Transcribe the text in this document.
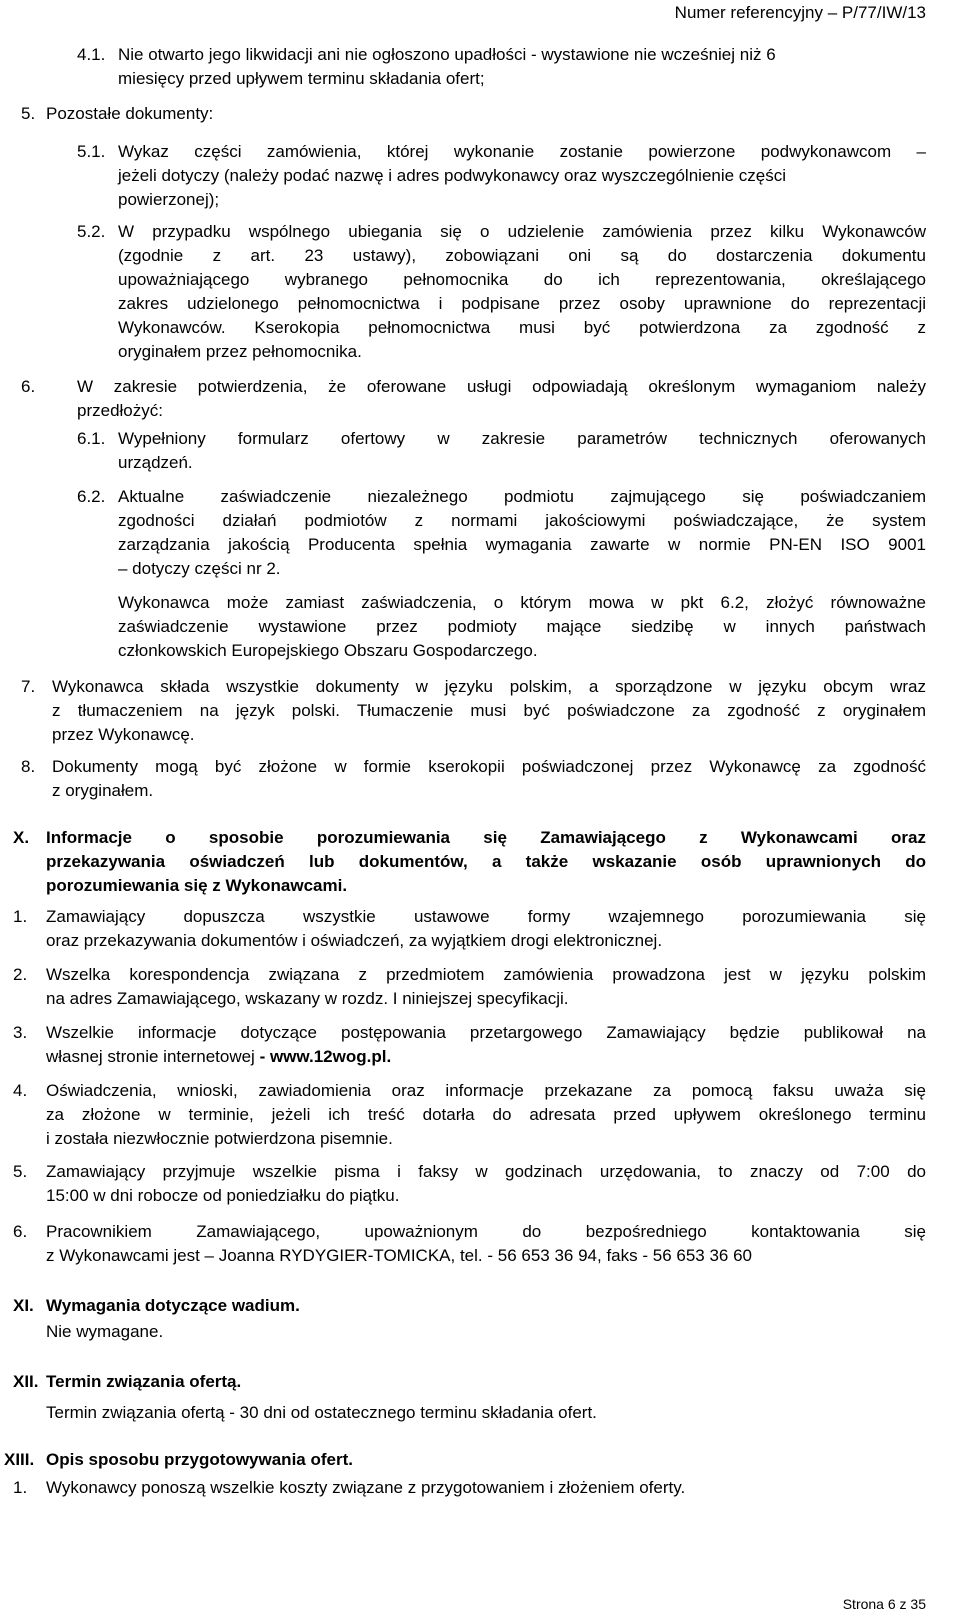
Numer referencyjny – P/77/IW/13
4.1. Nie otwarto jego likwidacji ani nie ogłoszono upadłości - wystawione nie wcześniej niż 6
miesięcy przed upływem terminu składania ofert;
5. Pozostałe dokumenty:
5.1. Wykaz części zamówienia, której wykonanie zostanie powierzone podwykonawcom –
jeżeli dotyczy (należy podać nazwę i adres podwykonawcy oraz wyszczególnienie części
powierzonej);
5.2. W przypadku wspólnego ubiegania się o udzielenie zamówienia przez kilku Wykonawców
(zgodnie z art. 23 ustawy), zobowiązani oni są do dostarczenia dokumentu
upoważniającego wybranego pełnomocnika do ich reprezentowania, określającego
zakres udzielonego pełnomocnictwa i podpisane przez osoby uprawnione do reprezentacji
Wykonawców. Kserokopia pełnomocnictwa musi być potwierdzona za zgodność z
oryginałem przez pełnomocnika.
6. W zakresie potwierdzenia, że oferowane usługi odpowiadają określonym wymaganiom należy
przedłożyć:
6.1. Wypełniony formularz ofertowy w zakresie parametrów technicznych oferowanych
urządzeń.
6.2. Aktualne zaświadczenie niezależnego podmiotu zajmującego się poświadczaniem
zgodności działań podmiotów z normami jakościowymi poświadczające, że system
zarządzania jakością Producenta spełnia wymagania zawarte w normie PN-EN ISO 9001
– dotyczy części nr 2.
Wykonawca może zamiast zaświadczenia, o którym mowa w pkt 6.2, złożyć równoważne
zaświadczenie wystawione przez podmioty mające siedzibę w innych państwach
członkowskich Europejskiego Obszaru Gospodarczego.
7. Wykonawca składa wszystkie dokumenty w języku polskim, a sporządzone w języku obcym wraz
z tłumaczeniem na język polski. Tłumaczenie musi być poświadczone za zgodność z oryginałem
przez Wykonawcę.
8. Dokumenty mogą być złożone w formie kserokopii poświadczonej przez Wykonawcę za zgodność
z oryginałem.
X. Informacje o sposobie porozumiewania się Zamawiającego z Wykonawcami oraz
przekazywania oświadczeń lub dokumentów, a także wskazanie osób uprawnionych do
porozumiewania się z Wykonawcami.
1. Zamawiający dopuszcza wszystkie ustawowe formy wzajemnego porozumiewania się
oraz przekazywania dokumentów i oświadczeń, za wyjątkiem drogi elektronicznej.
2. Wszelka korespondencja związana z przedmiotem zamówienia prowadzona jest w języku polskim
na adres Zamawiającego, wskazany w rozdz. I niniejszej specyfikacji.
3. Wszelkie informacje dotyczące postępowania przetargowego Zamawiający będzie publikował na
własnej stronie internetowej - www.12wog.pl.
4. Oświadczenia, wnioski, zawiadomienia oraz informacje przekazane za pomocą faksu uważa się
za złożone w terminie, jeżeli ich treść dotarła do adresata przed upływem określonego terminu
i została niezwłocznie potwierdzona pisemnie.
5. Zamawiający przyjmuje wszelkie pisma i faksy w godzinach urzędowania, to znaczy od 7:00 do
15:00 w dni robocze od poniedziałku do piątku.
6. Pracownikiem Zamawiającego, upoważnionym do bezpośredniego kontaktowania się
z Wykonawcami jest – Joanna RYDYGIER-TOMICKA, tel. - 56 653 36 94, faks - 56 653 36 60
XI. Wymagania dotyczące wadium.
Nie wymagane.
XII. Termin związania ofertą.
Termin związania ofertą - 30 dni od ostatecznego terminu składania ofert.
XIII. Opis sposobu przygotowywania ofert.
1. Wykonawcy ponoszą wszelkie koszty związane z przygotowaniem i złożeniem oferty.
Strona 6 z 35
